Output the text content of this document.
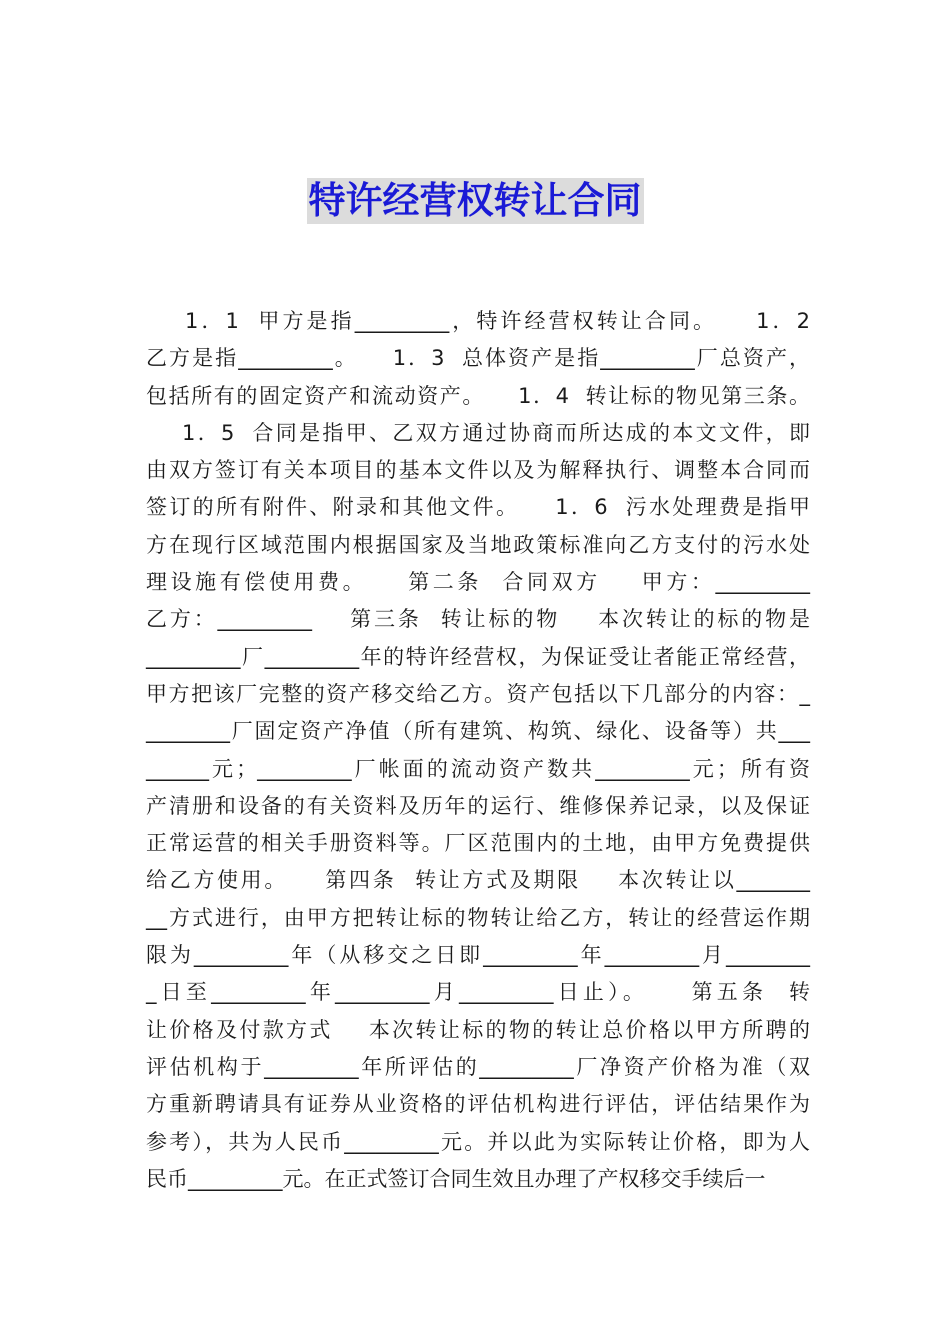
特许经营权转让合同
1．1  甲方是指_________，特许经营权转让合同。    1．2
乙方是指_________。    1．3  总体资产是指_________厂总资产，
包括所有的固定资产和流动资产。    1．4  转让标的物见第三条。
1．5  合同是指甲、乙双方通过协商而所达成的本文文件，即
由双方签订有关本项目的基本文件以及为解释执行、调整本合同而
签订的所有附件、附录和其他文件。    1．6  污水处理费是指甲
方在现行区域范围内根据国家及当地政策标准向乙方支付的污水处
理设施有偿使用费。    第二条  合同双方    甲方：_________
乙方：_________    第三条  转让标的物    本次转让的标的物是
_________厂_________年的特许经营权，为保证受让者能正常经营，
甲方把该厂完整的资产移交给乙方。资产包括以下几部分的内容：_
________厂固定资产净值（所有建筑、构筑、绿化、设备等）共___
______元；_________厂帐面的流动资产数共_________元；所有资
产清册和设备的有关资料及历年的运行、维修保养记录，以及保证
正常运营的相关手册资料等。厂区范围内的土地，由甲方免费提供
给乙方使用。    第四条  转让方式及期限    本次转让以_______
__方式进行，由甲方把转让标的物转让给乙方，转让的经营运作期
限为_________年（从移交之日即_________年_________月________
_日至_________年_________月_________日止）。    第五条  转
让价格及付款方式    本次转让标的物的转让总价格以甲方所聘的
评估机构于_________年所评估的_________厂净资产价格为准（双
方重新聘请具有证券从业资格的评估机构进行评估，评估结果作为
参考），共为人民币_________元。并以此为实际转让价格，即为人
民币_________元。在正式签订合同生效且办理了产权移交手续后一
